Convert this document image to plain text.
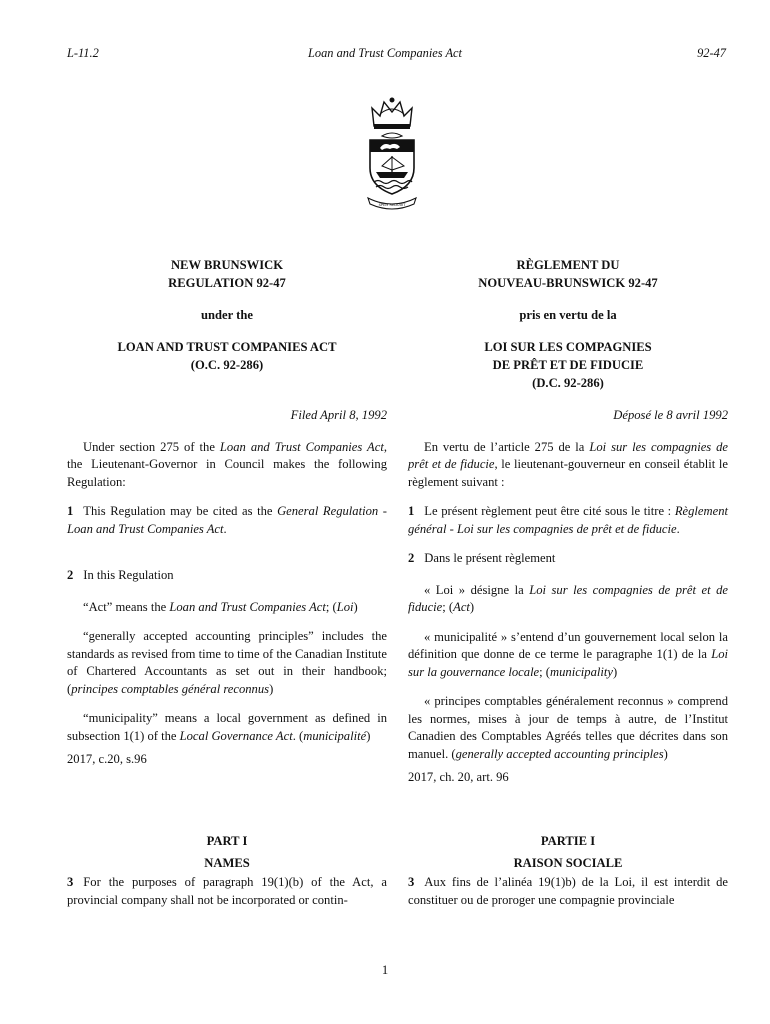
L-11.2	Loan and Trust Companies Act	92-47
SPEM REDUXIT
NEW BRUNSWICK
REGULATION 92-47
under the
LOAN AND TRUST COMPANIES ACT
(O.C. 92-286)
Filed April 8, 1992

Under section 275 of the Loan and Trust Companies Act, the Lieutenant-Governor in Council makes the following Regulation:

1 This Regulation may be cited as the General Regulation - Loan and Trust Companies Act.

2 In this Regulation

“Act” means the Loan and Trust Companies Act; (Loi)

“generally accepted accounting principles” includes the standards as revised from time to time of the Canadian Institute of Chartered Accountants as set out in their handbook; (principes comptables général reconnus)

“municipality” means a local government as defined in subsection 1(1) of the Local Governance Act. (municipalité)

2017, c.20, s.96

PART I
NAMES

3 For the purposes of paragraph 19(1)(b) of the Act, a provincial company shall not be incorporated or contin-

RÈGLEMENT DU
NOUVEAU-BRUNSWICK 92-47
pris en vertu de la
LOI SUR LES COMPAGNIES
DE PRÊT ET DE FIDUCIE
(D.C. 92-286)
Déposé le 8 avril 1992

En vertu de l’article 275 de la Loi sur les compagnies de prêt et de fiducie, le lieutenant-gouverneur en conseil établit le règlement suivant :

1 Le présent règlement peut être cité sous le titre : Règlement général - Loi sur les compagnies de prêt et de fiducie.

2 Dans le présent règlement

« Loi » désigne la Loi sur les compagnies de prêt et de fiducie; (Act)

« municipalité » s’entend d’un gouvernement local selon la définition que donne de ce terme le paragraphe 1(1) de la Loi sur la gouvernance locale; (municipality)

« principes comptables généralement reconnus » comprend les normes, mises à jour de temps à autre, de l’Institut Canadien des Comptables Agréés telles que décrites dans son manuel. (generally accepted accounting principles)

2017, ch. 20, art. 96

PARTIE I
RAISON SOCIALE

3 Aux fins de l’alinéa 19(1)b) de la Loi, il est interdit de constituer ou de proroger une compagnie provinciale

1
